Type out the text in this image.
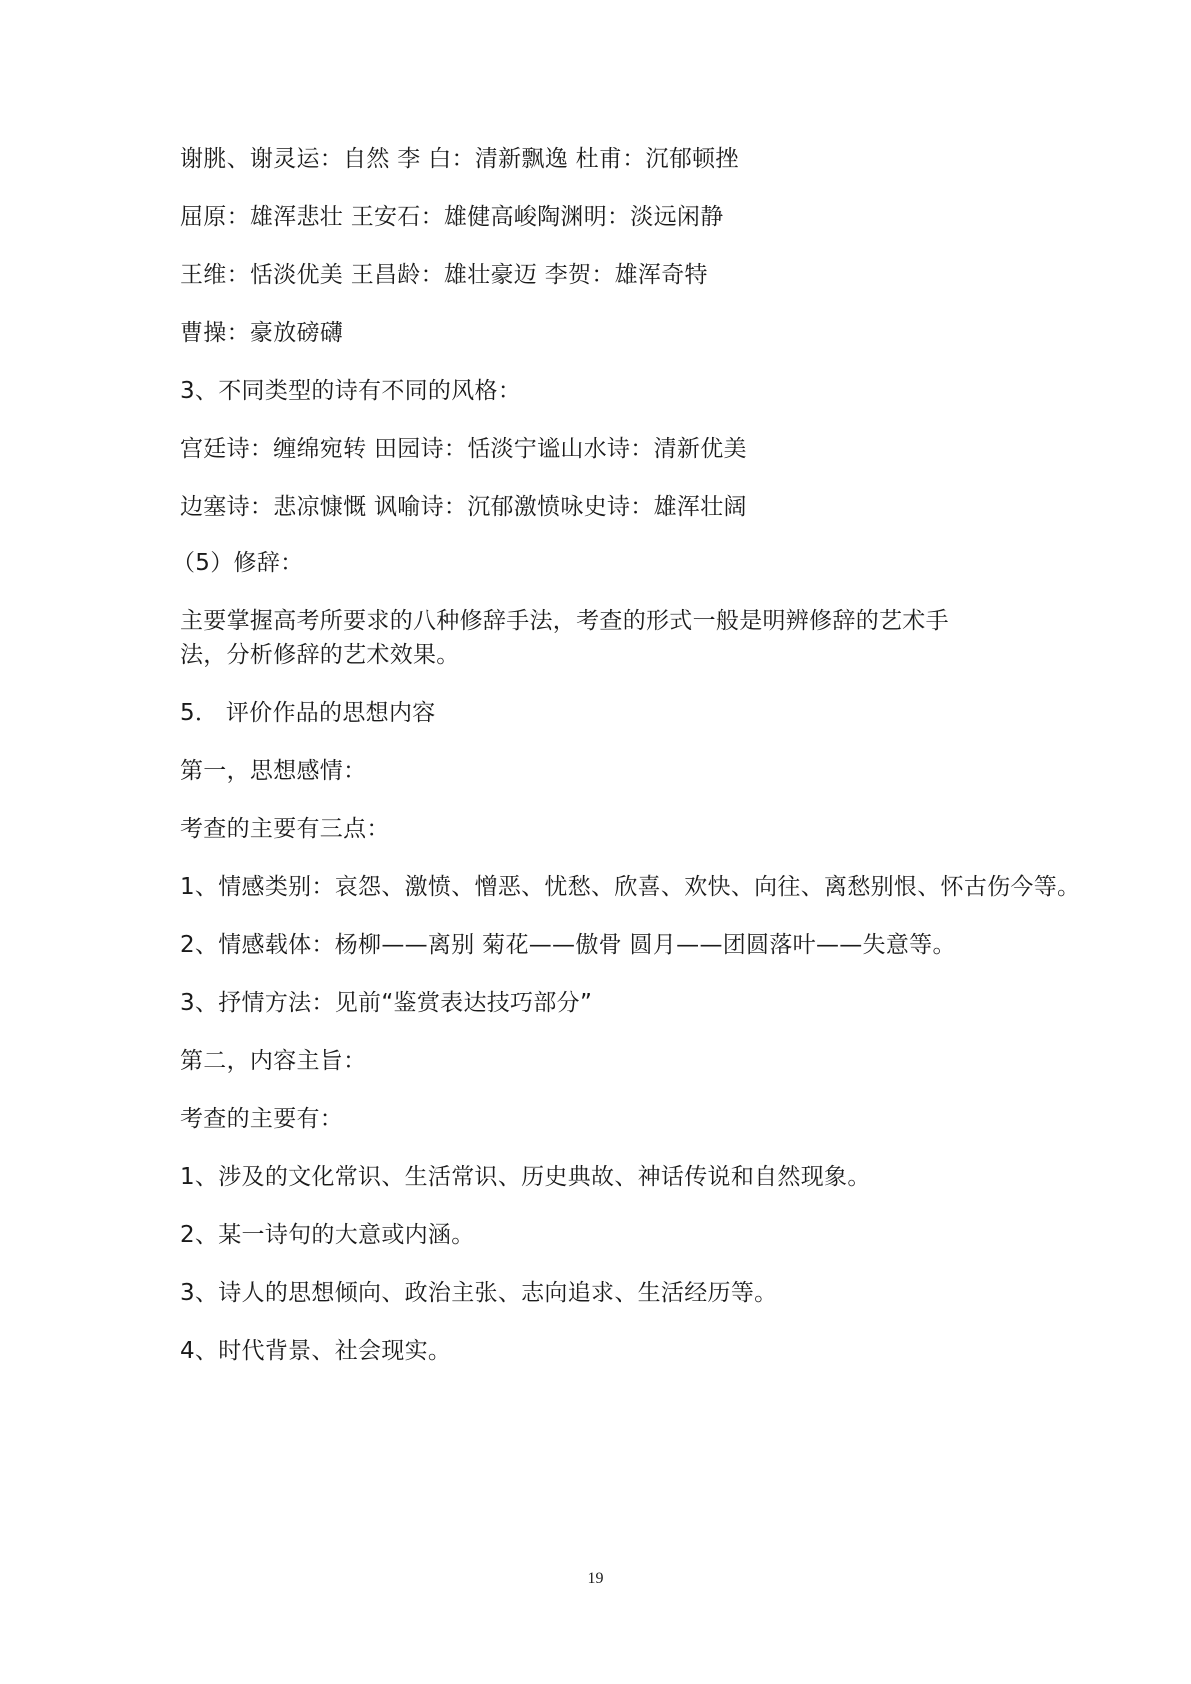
谢朓、谢灵运：自然 李 白：清新飘逸 杜甫：沉郁顿挫
屈原：雄浑悲壮 王安石：雄健高峻陶渊明：淡远闲静
王维：恬淡优美 王昌龄：雄壮豪迈 李贺：雄浑奇特
曹操：豪放磅礴
3、不同类型的诗有不同的风格：
宫廷诗：缠绵宛转 田园诗：恬淡宁谧山水诗：清新优美
边塞诗：悲凉慷慨 讽喻诗：沉郁激愤咏史诗：雄浑壮阔
（5）修辞：
主要掌握高考所要求的八种修辞手法，考查的形式一般是明辨修辞的艺术手法，分析修辞的艺术效果。
5． 评价作品的思想内容
第一，思想感情：
考查的主要有三点：
1、情感类别：哀怨、激愤、憎恶、忧愁、欣喜、欢快、向往、离愁别恨、怀古伤今等。
2、情感载体：杨柳——离别 菊花——傲骨 圆月——团圆落叶——失意等。
3、抒情方法：见前“鉴赏表达技巧部分”
第二，内容主旨：
考查的主要有：
1、涉及的文化常识、生活常识、历史典故、神话传说和自然现象。
2、某一诗句的大意或内涵。
3、诗人的思想倾向、政治主张、志向追求、生活经历等。
4、时代背景、社会现实。
19
